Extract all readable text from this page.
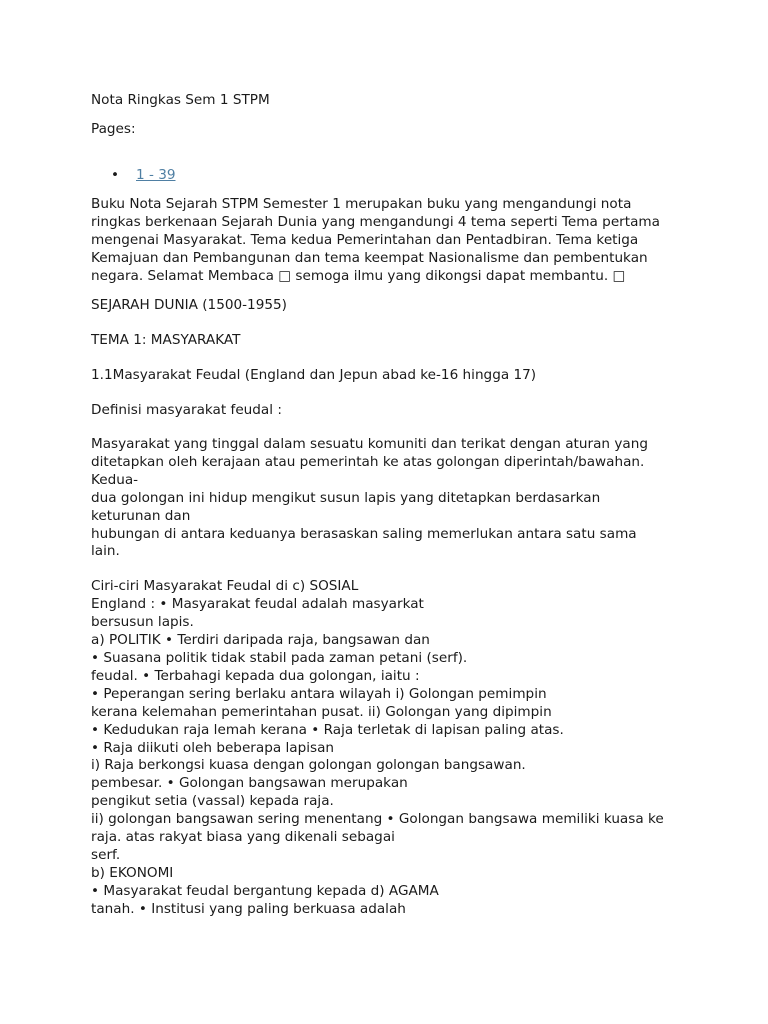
Nota Ringkas Sem 1 STPM

Pages:

• 1 - 39

Buku Nota Sejarah STPM Semester 1 merupakan buku yang mengandungi nota

ringkas berkenaan Sejarah Dunia yang mengandungi 4 tema seperti Tema pertama

mengenai Masyarakat. Tema kedua Pemerintahan dan Pentadbiran. Tema ketiga

Kemajuan dan Pembangunan dan tema keempat Nasionalisme dan pembentukan

negara. Selamat Membaca □ semoga ilmu yang dikongsi dapat membantu. □

SEJARAH DUNIA (1500-1955)

TEMA 1: MASYARAKAT

1.1Masyarakat Feudal (England dan Jepun abad ke-16 hingga 17)

Definisi masyarakat feudal :

Masyarakat yang tinggal dalam sesuatu komuniti dan terikat dengan aturan yang

ditetapkan oleh kerajaan atau pemerintah ke atas golongan diperintah/bawahan.

Kedua-

dua golongan ini hidup mengikut susun lapis yang ditetapkan berdasarkan

keturunan dan

hubungan di antara keduanya berasaskan saling memerlukan antara satu sama

lain.

Ciri-ciri Masyarakat Feudal di c) SOSIAL

England : • Masyarakat feudal adalah masyarkat

bersusun lapis.

a) POLITIK • Terdiri daripada raja, bangsawan dan

• Suasana politik tidak stabil pada zaman petani (serf).

feudal. • Terbahagi kepada dua golongan, iaitu :

• Peperangan sering berlaku antara wilayah i) Golongan pemimpin

kerana kelemahan pemerintahan pusat. ii) Golongan yang dipimpin

• Kedudukan raja lemah kerana • Raja terletak di lapisan paling atas.

• Raja diikuti oleh beberapa lapisan

i) Raja berkongsi kuasa dengan golongan golongan bangsawan.

pembesar. • Golongan bangsawan merupakan

pengikut setia (vassal) kepada raja.

ii) golongan bangsawan sering menentang • Golongan bangsawa memiliki kuasa ke

raja. atas rakyat biasa yang dikenali sebagai

serf.

b) EKONOMI

• Masyarakat feudal bergantung kepada d) AGAMA

tanah. • Institusi yang paling berkuasa adalah
